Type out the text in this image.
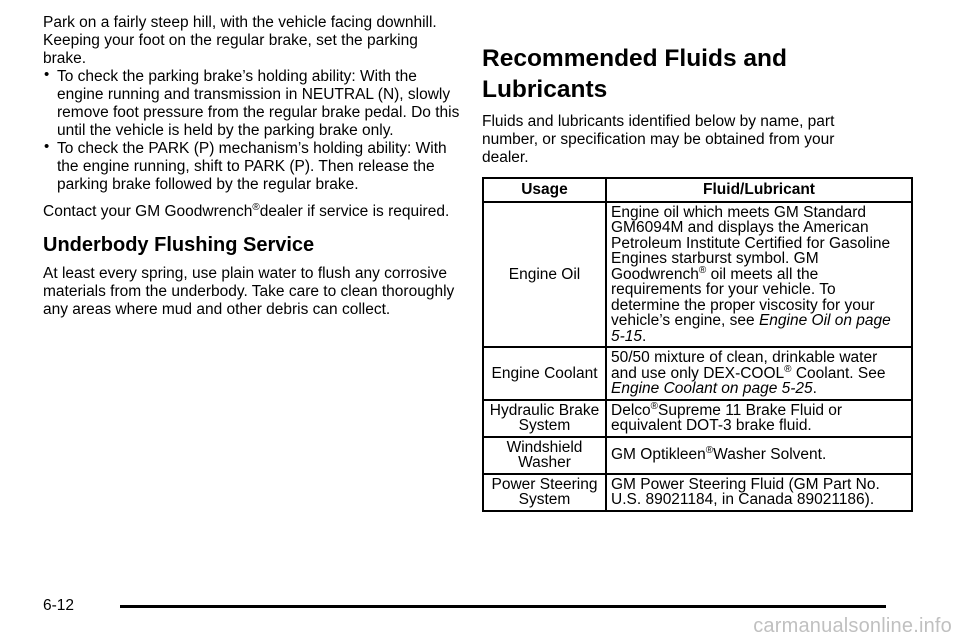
Park on a fairly steep hill, with the vehicle facing downhill. Keeping your foot on the regular brake, set the parking brake.

• To check the parking brake’s holding ability: With the engine running and transmission in NEUTRAL (N), slowly remove foot pressure from the regular brake pedal. Do this until the vehicle is held by the parking brake only.

• To check the PARK (P) mechanism’s holding ability: With the engine running, shift to PARK (P). Then release the parking brake followed by the regular brake.

Contact your GM Goodwrench®dealer if service is required.

Underbody Flushing Service

At least every spring, use plain water to flush any corrosive materials from the underbody. Take care to clean thoroughly any areas where mud and other debris can collect.

Recommended Fluids and Lubricants

Fluids and lubricants identified below by name, part number, or specification may be obtained from your dealer.

Usage	Fluid/Lubricant
Engine Oil	Engine oil which meets GM Standard GM6094M and displays the American Petroleum Institute Certified for Gasoline Engines starburst symbol. GM Goodwrench® oil meets all the requirements for your vehicle. To determine the proper viscosity for your vehicle’s engine, see Engine Oil on page 5-15.
Engine Coolant	50/50 mixture of clean, drinkable water and use only DEX-COOL® Coolant. See Engine Coolant on page 5-25.
Hydraulic Brake System	Delco®Supreme 11 Brake Fluid or equivalent DOT-3 brake fluid.
Windshield Washer	GM Optikleen®Washer Solvent.
Power Steering System	GM Power Steering Fluid (GM Part No. U.S. 89021184, in Canada 89021186).
6-12
carmanualsonline.info
